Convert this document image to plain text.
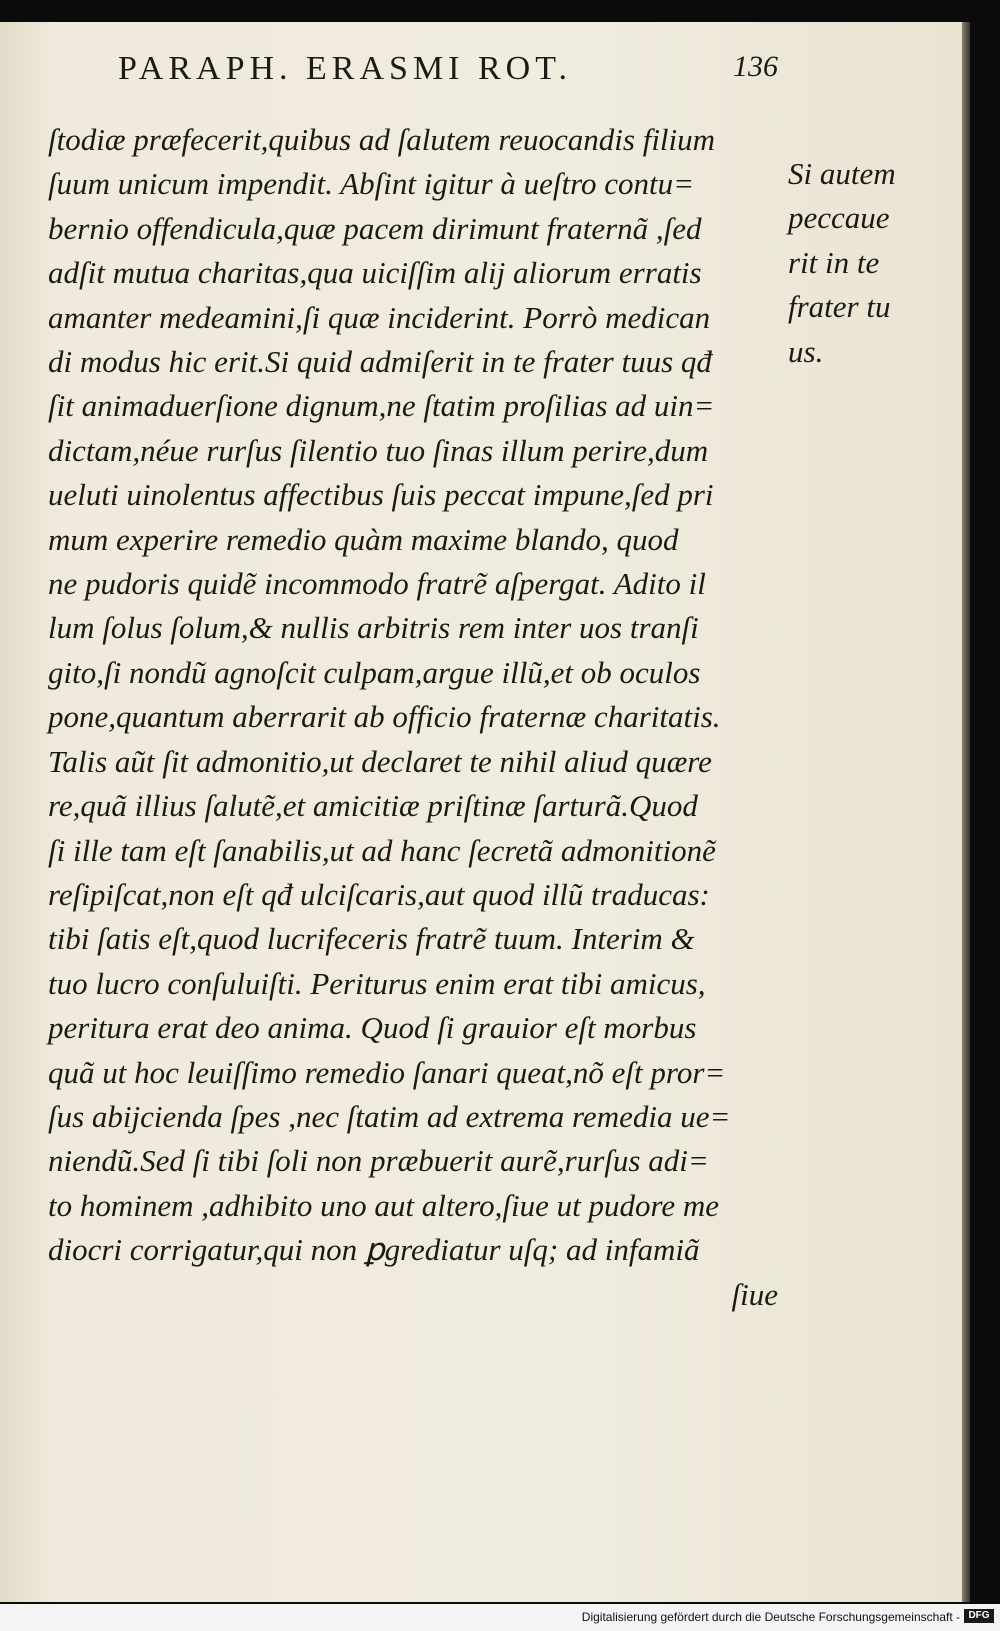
PARAPH. ERASMI ROT.	136
ſtodiæ præfecerit,quibus ad ſalutem reuocandis filium
ſuum unicum impendit. Abſint igitur à ueſtro contu=
bernio offendicula,quæ pacem dirimunt fraternã ,ſed
adſit mutua charitas,qua uiciſſim alij aliorum erratis
amanter medeamini,ſi quæ inciderint. Porrò medican
di modus hic erit.Si quid admiſerit in te frater tuus qđ
ſit animaduerſione dignum,ne ſtatim proſilias ad uin=
dictam,néue rurſus ſilentio tuo ſinas illum perire,dum
ueluti uinolentus affectibus ſuis peccat impune,ſed pri
mum experire remedio quàm maxime blando, quod
ne pudoris quidẽ incommodo fratrẽ aſpergat. Adito il
lum ſolus ſolum,& nullis arbitris rem inter uos tranſi
gito,ſi nondũ agnoſcit culpam,argue illũ,et ob oculos
pone,quantum aberrarit ab officio fraternæ charitatis.
Talis aũt ſit admonitio,ut declaret te nihil aliud quære
re,quã illius ſalutẽ,et amicitiæ priſtinæ ſarturã.Quod
ſi ille tam eſt ſanabilis,ut ad hanc ſecretã admonitionẽ
reſipiſcat,non eſt qđ ulciſcaris,aut quod illũ traducas:
tibi ſatis eſt,quod lucrifeceris fratrẽ tuum. Interim &
tuo lucro conſuluiſti. Periturus enim erat tibi amicus,
peritura erat deo anima. Quod ſi grauior eſt morbus
quã ut hoc leuiſſimo remedio ſanari queat,nõ eſt pror=
ſus abijcienda ſpes ,nec ſtatim ad extrema remedia ue=
niendũ.Sed ſi tibi ſoli non præbuerit aurẽ,rurſus adi=
to hominem ,adhibito uno aut altero,ſiue ut pudore me
diocri corrigatur,qui non ꝑgrediatur uſq; ad infamiã
ſiue
Si autem
peccaue
rit in te
frater tu
us.
Digitalisierung gefördert durch die Deutsche Forschungsgemeinschaft - DFG
